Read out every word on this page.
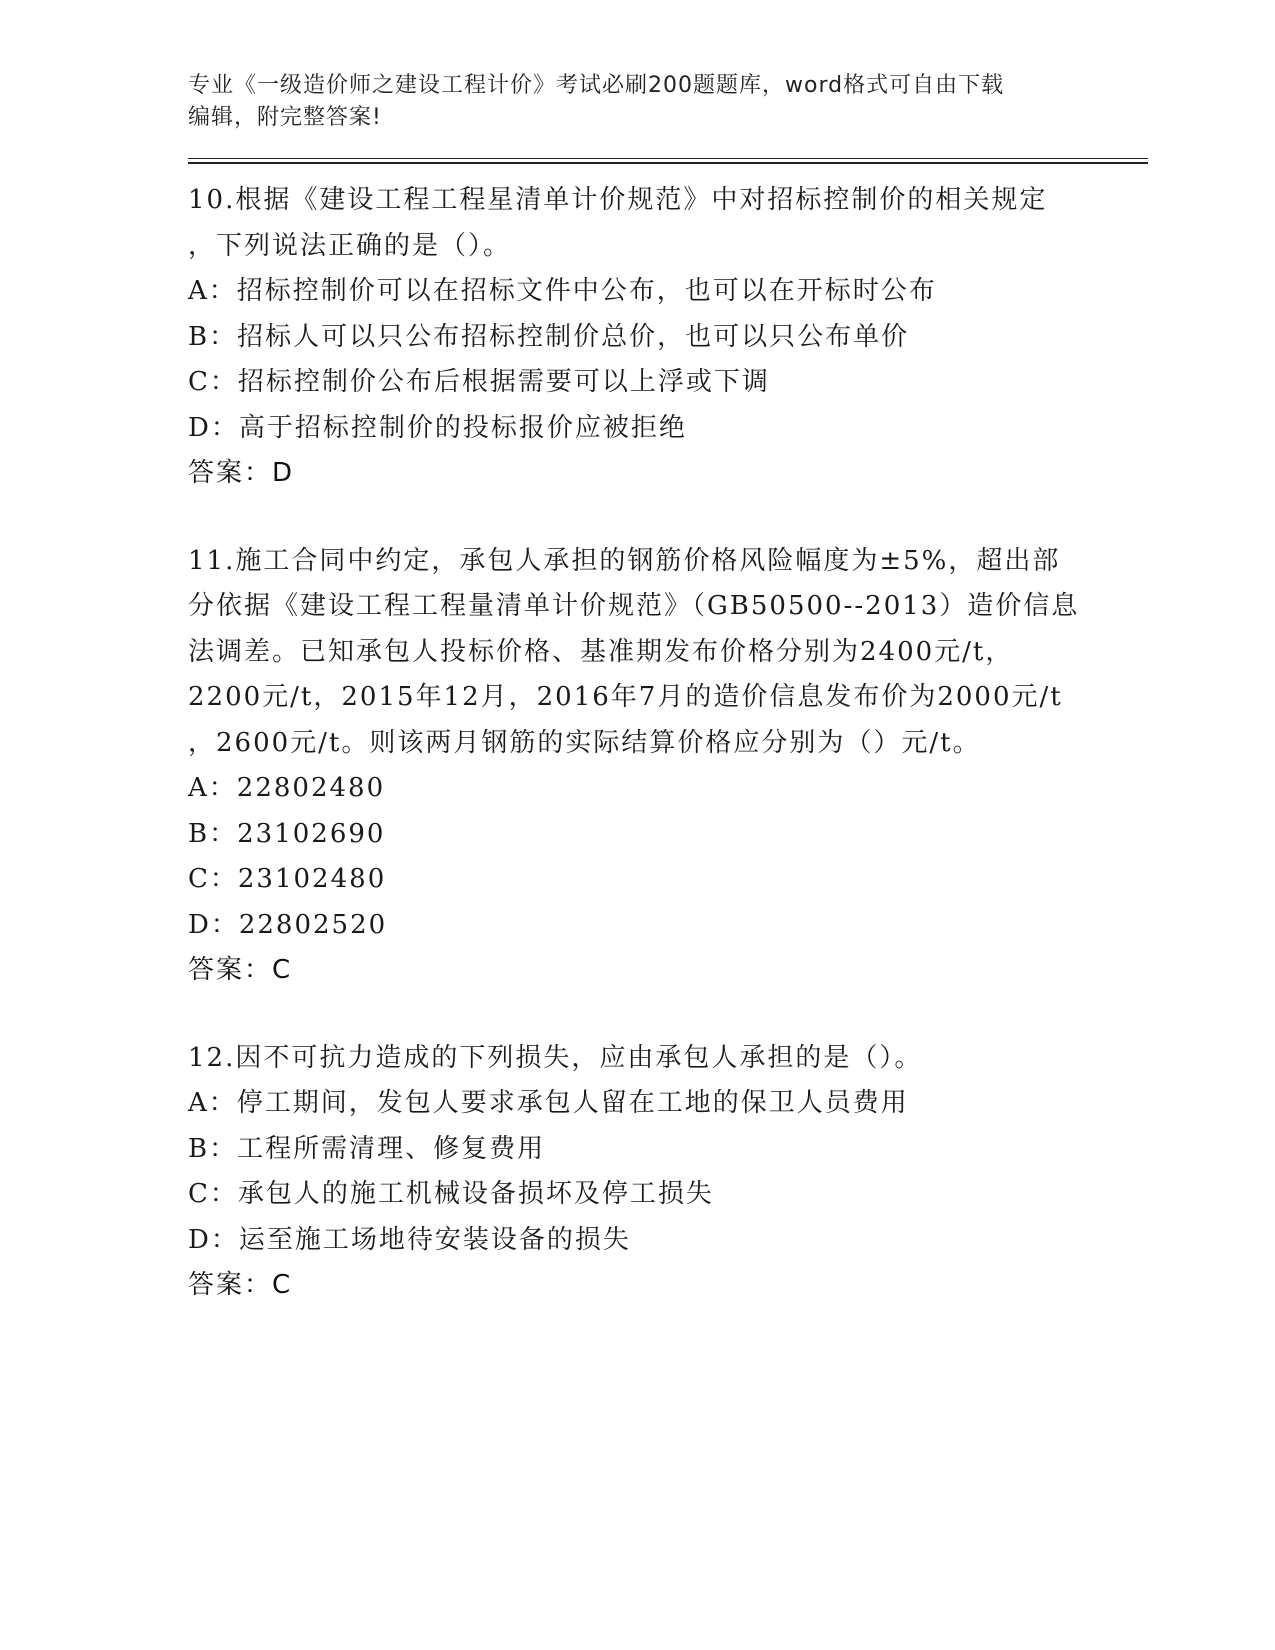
专业《一级造价师之建设工程计价》考试必刷200题题库，word格式可自由下载
编辑，附完整答案!
10.根据《建设工程工程星清单计价规范》中对招标控制价的相关规定
，下列说法正确的是（）。
A：招标控制价可以在招标文件中公布，也可以在开标时公布
B：招标人可以只公布招标控制价总价，也可以只公布单价
C：招标控制价公布后根据需要可以上浮或下调
D：高于招标控制价的投标报价应被拒绝
答案：D
11.施工合同中约定，承包人承担的钢筋价格风险幅度为±5%，超出部
分依据《建设工程工程量清单计价规范》（GB50500--2013）造价信息
法调差。已知承包人投标价格、基准期发布价格分别为2400元/t，
2200元/t，2015年12月，2016年7月的造价信息发布价为2000元/t
，2600元/t。则该两月钢筋的实际结算价格应分别为（）元/t。
A：22802480
B：23102690
C：23102480
D：22802520
答案：C
12.因不可抗力造成的下列损失，应由承包人承担的是（）。
A：停工期间，发包人要求承包人留在工地的保卫人员费用
B：工程所需清理、修复费用
C：承包人的施工机械设备损坏及停工损失
D：运至施工场地待安装设备的损失
答案：C
